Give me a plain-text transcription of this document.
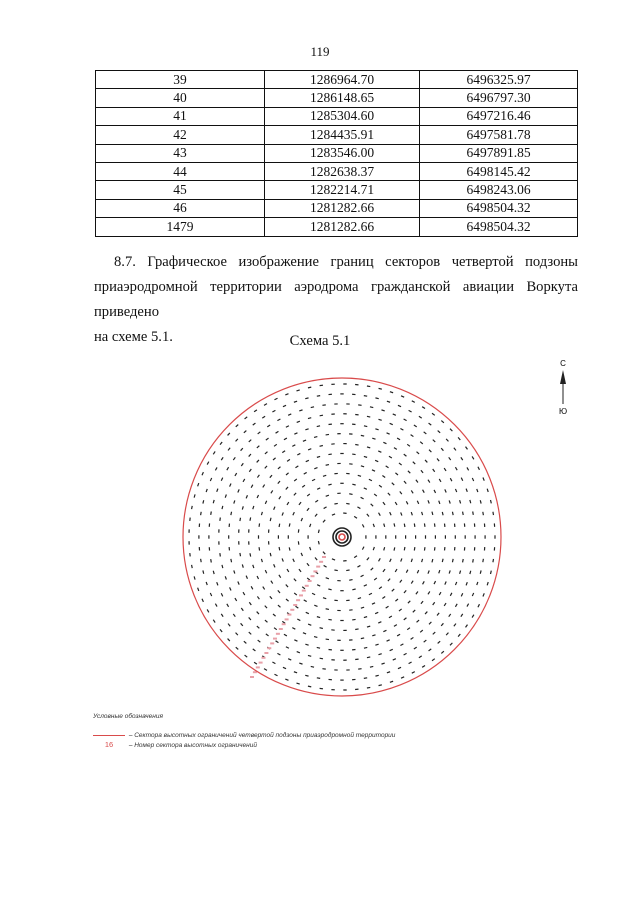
119
39	1286964.70	6496325.97
40	1286148.65	6496797.30
41	1285304.60	6497216.46
42	1284435.91	6497581.78
43	1283546.00	6497891.85
44	1282638.37	6498145.42
45	1282214.71	6498243.06
46	1281282.66	6498504.32
1479	1281282.66	6498504.32
8.7. Графическое изображение границ секторов четвертой подзоны
приаэродромной территории аэродрома гражданской авиации Воркута приведено
на схеме 5.1.	Схема 5.1
С
Ю
Условные обозначения
– Сектора высотных ограничений четвертой подзоны приаэродромной территории
16 – Номер сектора высотных ограничений
